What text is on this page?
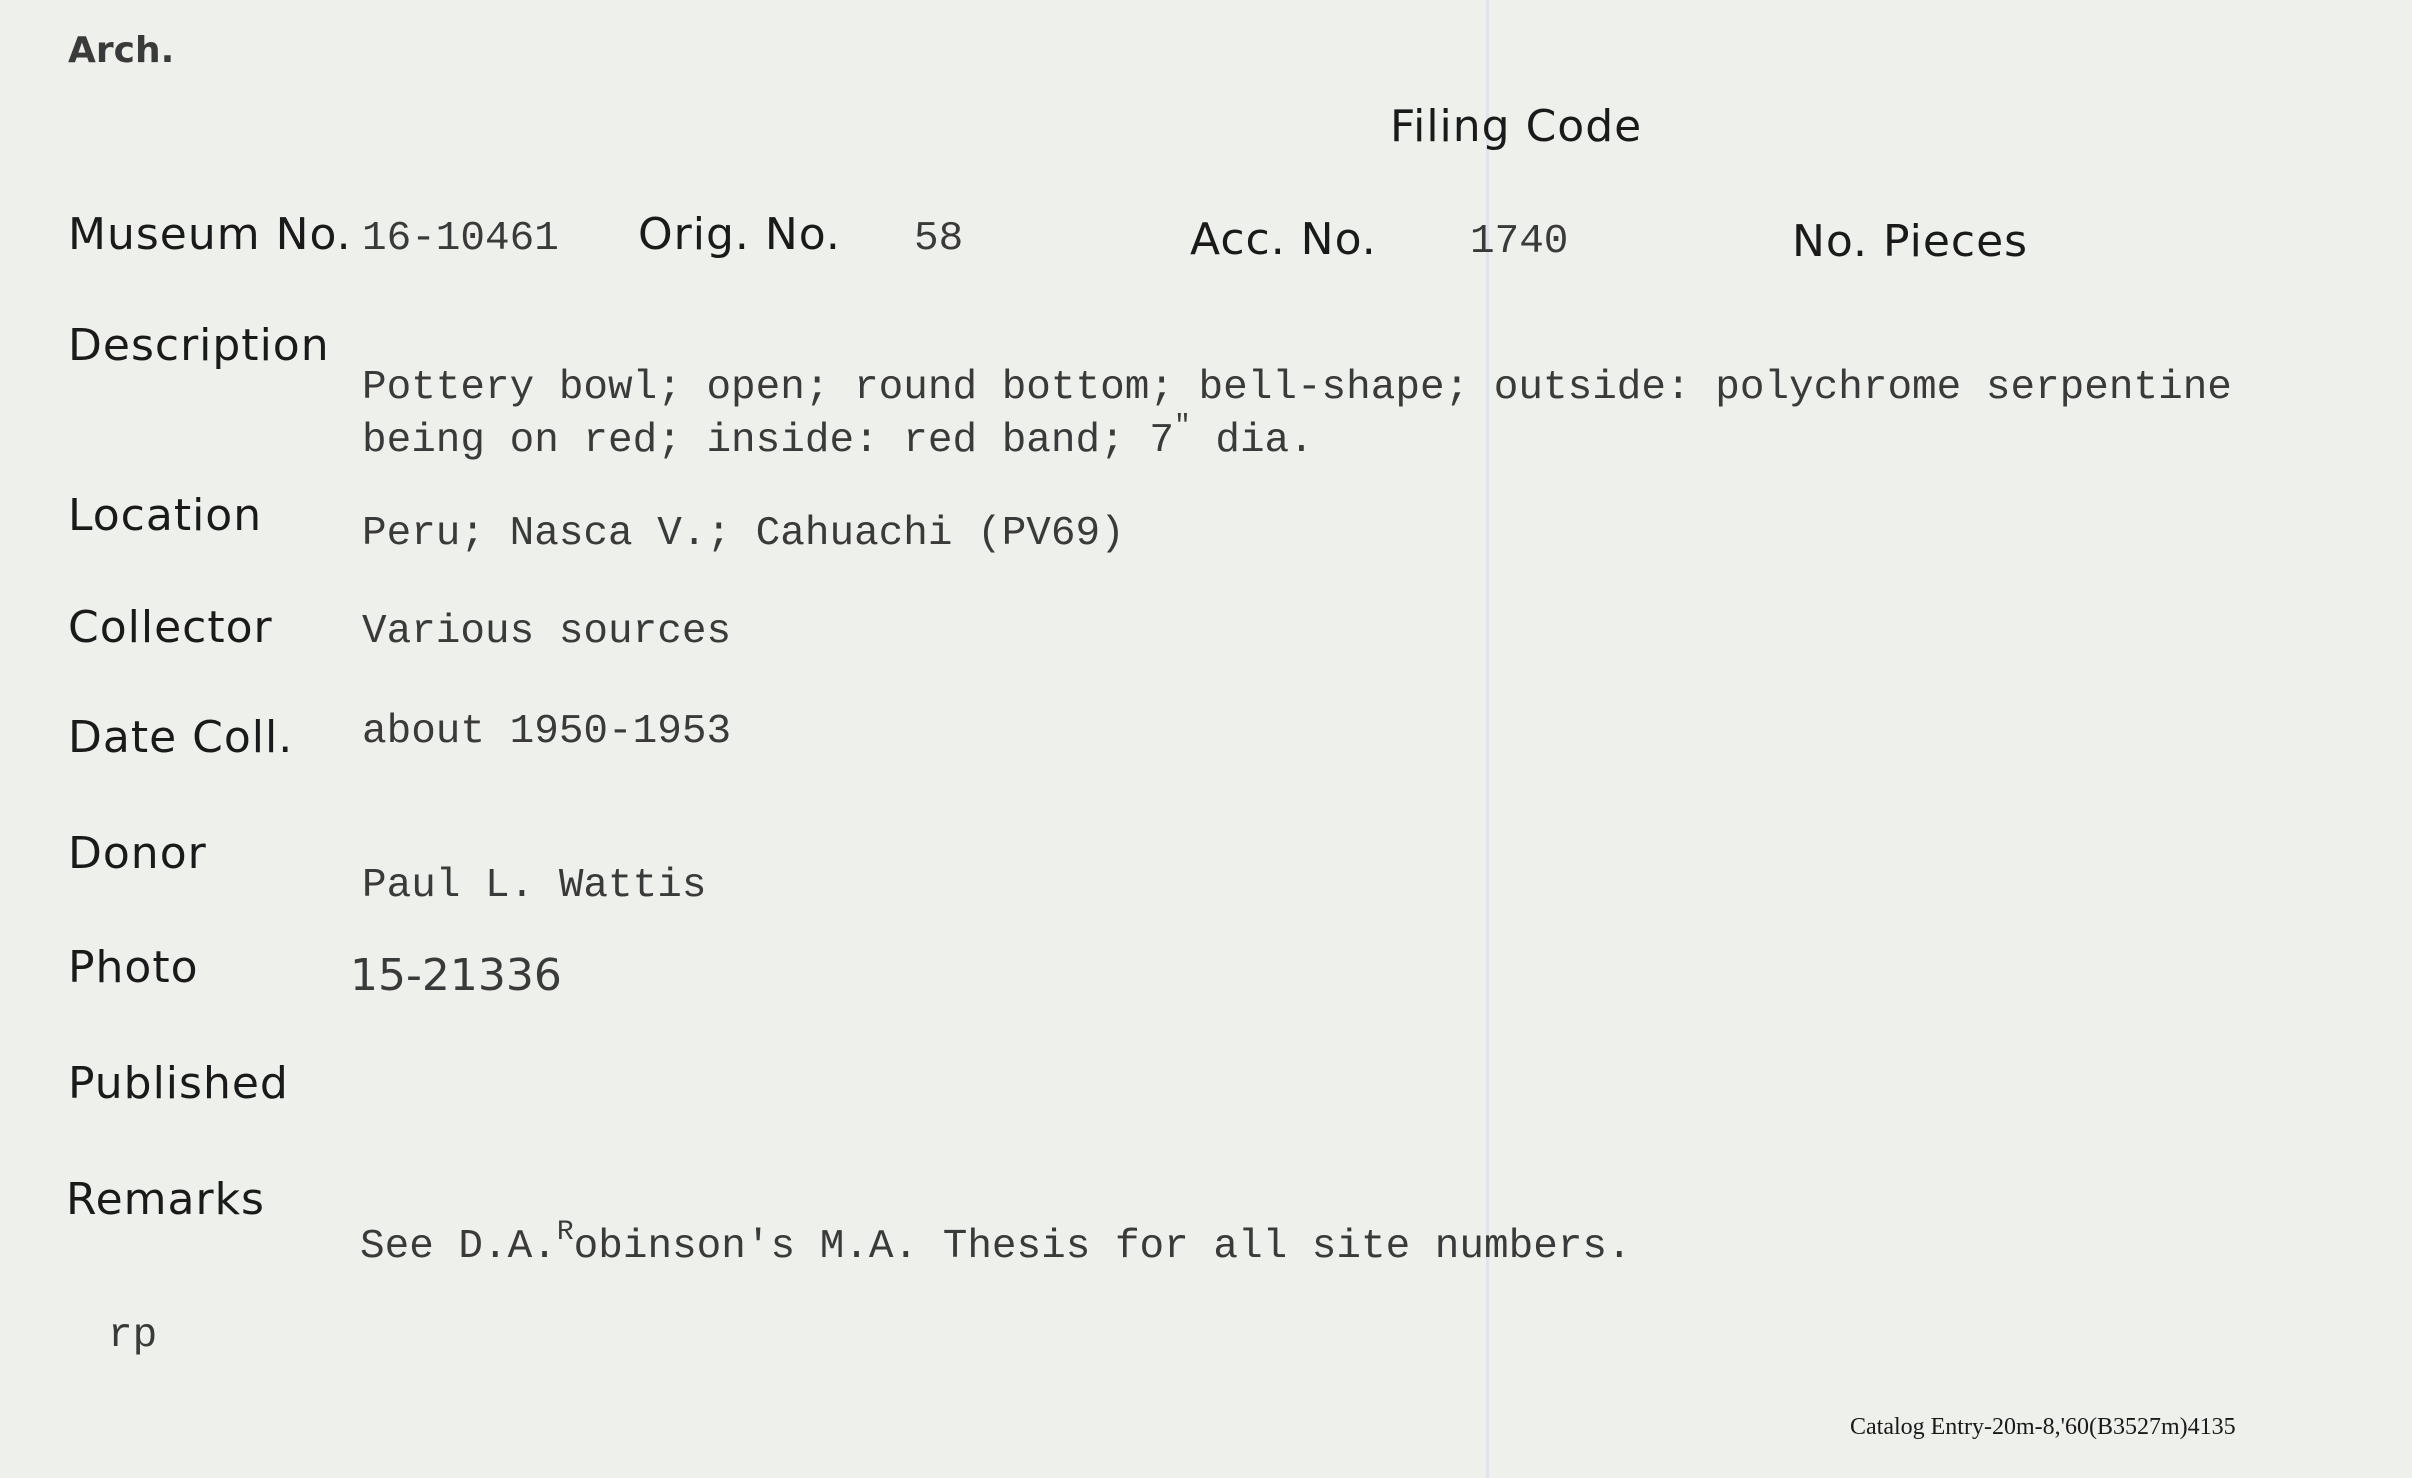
Arch.
Filing Code
Museum No. 16-10461 Orig. No. 58	Acc. No. 1740	No. Pieces
Description
Pottery bowl; open; round bottom; bell-shape; outside: polychrome serpentine
being on red; inside: red band; 7" dia.
Location Peru; Nasca V.; Cahuachi (PV69)
Collector Various sources
Date Coll. about 1950-1953
Donor
Paul L. Wattis
Photo	15-21336
Published
Remarks
See D.A.$^R$obinson's M.A. Thesis for all site numbers.
rp
Catalog Entry-20m-8,'60(B3527m)4135
